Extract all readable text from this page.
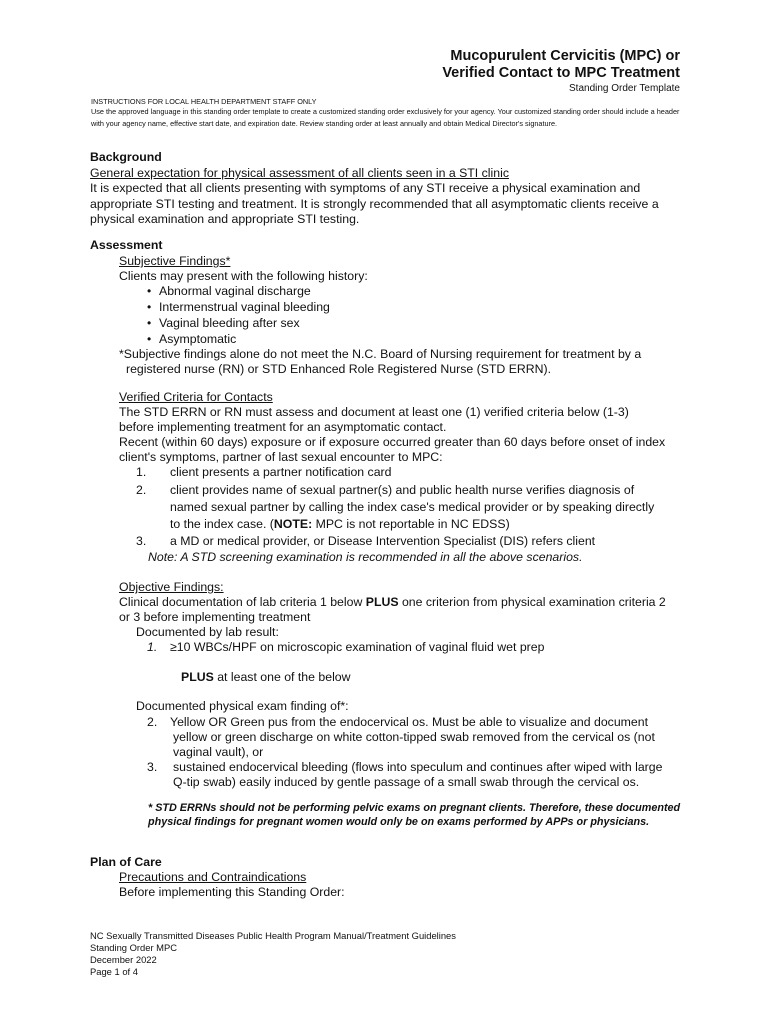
Mucopurulent Cervicitis (MPC) or
Verified Contact to MPC Treatment
Standing Order Template
INSTRUCTIONS FOR LOCAL HEALTH DEPARTMENT STAFF ONLY
Use the approved language in this standing order template to create a customized standing order exclusively for your agency. Your customized standing order should include a header with your agency name, effective start date, and expiration date. Review standing order at least annually and obtain Medical Director's signature.
Background
General expectation for physical assessment of all clients seen in a STI clinic
It is expected that all clients presenting with symptoms of any STI receive a physical examination and
appropriate STI testing and treatment. It is strongly recommended that all asymptomatic clients receive a
physical examination and appropriate STI testing.
Assessment
Subjective Findings*
Clients may present with the following history:
• Abnormal vaginal discharge
• Intermenstrual vaginal bleeding
• Vaginal bleeding after sex
• Asymptomatic
*Subjective findings alone do not meet the N.C. Board of Nursing requirement for treatment by a
registered nurse (RN) or STD Enhanced Role Registered Nurse (STD ERRN).
Verified Criteria for Contacts
The STD ERRN or RN must assess and document at least one (1) verified criteria below (1-3)
before implementing treatment for an asymptomatic contact.
Recent (within 60 days) exposure or if exposure occurred greater than 60 days before onset of index
client's symptoms, partner of last sexual encounter to MPC:
1. client presents a partner notification card
2. client provides name of sexual partner(s) and public health nurse verifies diagnosis of
named sexual partner by calling the index case's medical provider or by speaking directly
to the index case. (NOTE: MPC is not reportable in NC EDSS)
3. a MD or medical provider, or Disease Intervention Specialist (DIS) refers client
Note: A STD screening examination is recommended in all the above scenarios.
Objective Findings:
Clinical documentation of lab criteria 1 below PLUS one criterion from physical examination criteria 2
or 3 before implementing treatment
Documented by lab result:
1. ≥10 WBCs/HPF on microscopic examination of vaginal fluid wet prep
PLUS at least one of the below
Documented physical exam finding of*:
2. Yellow OR Green pus from the endocervical os. Must be able to visualize and document
yellow or green discharge on white cotton-tipped swab removed from the cervical os (not
vaginal vault), or
3. sustained endocervical bleeding (flows into speculum and continues after wiped with large
Q-tip swab) easily induced by gentle passage of a small swab through the cervical os.
* STD ERRNs should not be performing pelvic exams on pregnant clients. Therefore, these documented physical findings for pregnant women would only be on exams performed by APPs or physicians.
Plan of Care
Precautions and Contraindications
Before implementing this Standing Order:
NC Sexually Transmitted Diseases Public Health Program Manual/Treatment Guidelines
Standing Order MPC
December 2022
Page 1 of 4
